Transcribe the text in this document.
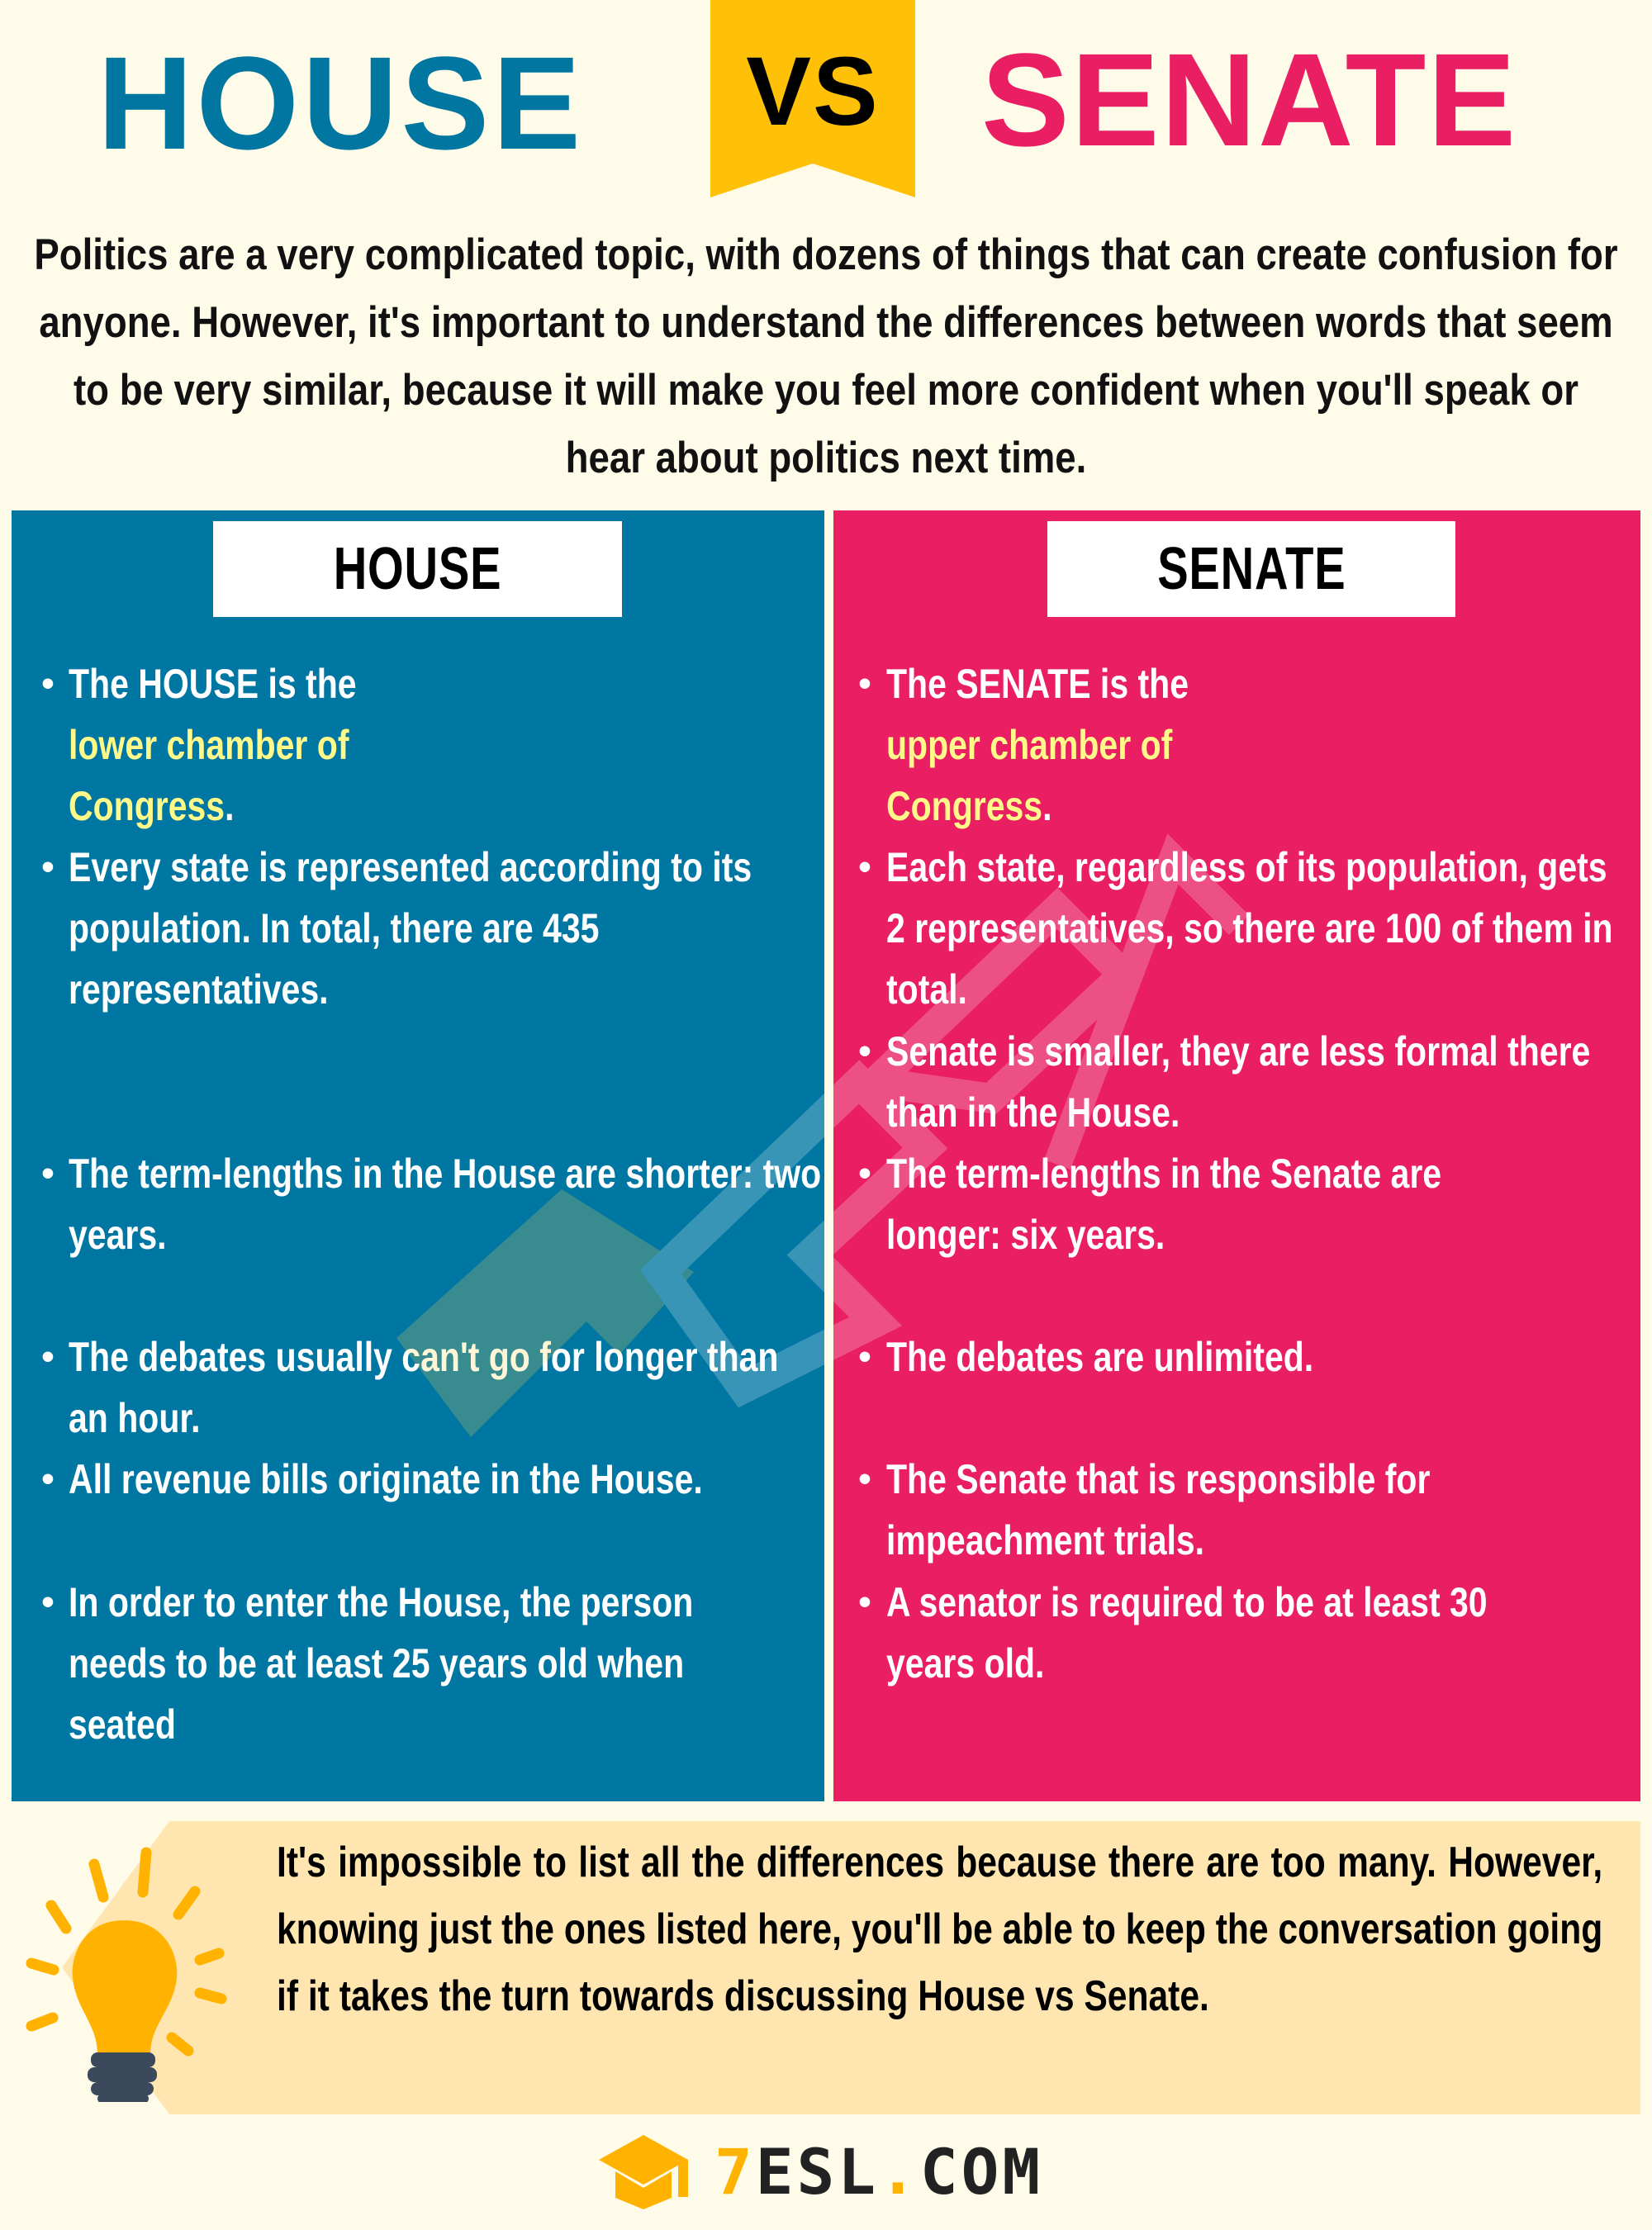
HOUSE	VS SENATE
Politics are a very complicated topic, with dozens of things that can create confusion for anyone. However, it's important to understand the differences between words that seem to be very similar, because it will make you feel more confident when you'll speak or hear about politics next time.
HOUSE
• The HOUSE is the lower chamber of Congress.
• Every state is represented according to its population. In total, there are 435 representatives.
• The term-lengths in the House are shorter: two years.
• The debates usually can't go for longer than an hour.
• All revenue bills originate in the House.
• In order to enter the House, the person needs to be at least 25 years old when seated
SENATE
• The SENATE is the upper chamber of Congress.
• Each state, regardless of its population, gets 2 representatives, so there are 100 of them in total.
• Senate is smaller, they are less formal there than in the House.
• The term-lengths in the Senate are longer: six years.
• The debates are unlimited.
• The Senate that is responsible for impeachment trials.
• A senator is required to be at least 30 years old.
It's impossible to list all the differences because there are too many. However, knowing just the ones listed here, you'll be able to keep the conversation going if it takes the turn towards discussing House vs Senate.
7ESL.COM
